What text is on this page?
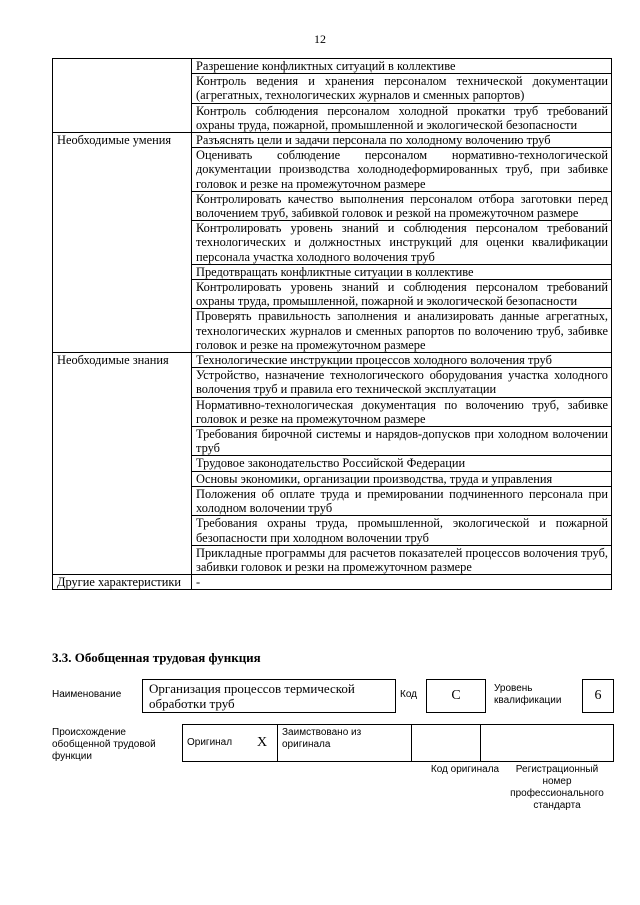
12
	Разрешение конфликтных ситуаций в коллективе
	Контроль ведения и хранения персоналом технической документации (агрегатных, технологических журналов и сменных рапортов)
	Контроль соблюдения персоналом холодной прокатки труб требований охраны труда, пожарной, промышленной и экологической безопасности
Необходимые умения	Разъяснять цели и задачи персонала по холодному волочению труб
	Оценивать соблюдение персоналом нормативно-технологической документации производства холоднодеформированных труб, при забивке головок и резке на промежуточном размере
	Контролировать качество выполнения персоналом отбора заготовки перед волочением труб, забивкой головок и резкой на промежуточном размере
	Контролировать уровень знаний и соблюдения персоналом требований технологических и должностных инструкций для оценки квалификации персонала участка холодного волочения труб
	Предотвращать конфликтные ситуации в коллективе
	Контролировать уровень знаний и соблюдения персоналом требований охраны труда, промышленной, пожарной и экологической безопасности
	Проверять правильность заполнения и анализировать данные агрегатных, технологических журналов и сменных рапортов по волочению труб, забивке головок и резке на промежуточном размере
Необходимые знания	Технологические инструкции процессов холодного волочения труб
	Устройство, назначение технологического оборудования участка холодного волочения труб и правила его технической эксплуатации
	Нормативно-технологическая документация по волочению труб, забивке головок и резке на промежуточном размере
	Требования бирочной системы и нарядов-допусков при холодном волочении труб
	Трудовое законодательство Российской Федерации
	Основы экономики, организации производства, труда и управления
	Положения об оплате труда и премировании подчиненного персонала при холодном волочении труб
	Требования охраны труда, промышленной, экологической и пожарной безопасности при холодном волочении труб
	Прикладные программы для расчетов показателей процессов волочения труб, забивки головок и резки на промежуточном размере
Другие характеристики	-
3.3. Обобщенная трудовая функция
Наименование	Организация процессов термической обработки труб
Код C	Уровень квалификации	6
Происхождение обобщенной трудовой функции
Оригинал	X	Заимствовано из оригинала		
Код оригинала	Регистрационный номер профессионального стандарта
